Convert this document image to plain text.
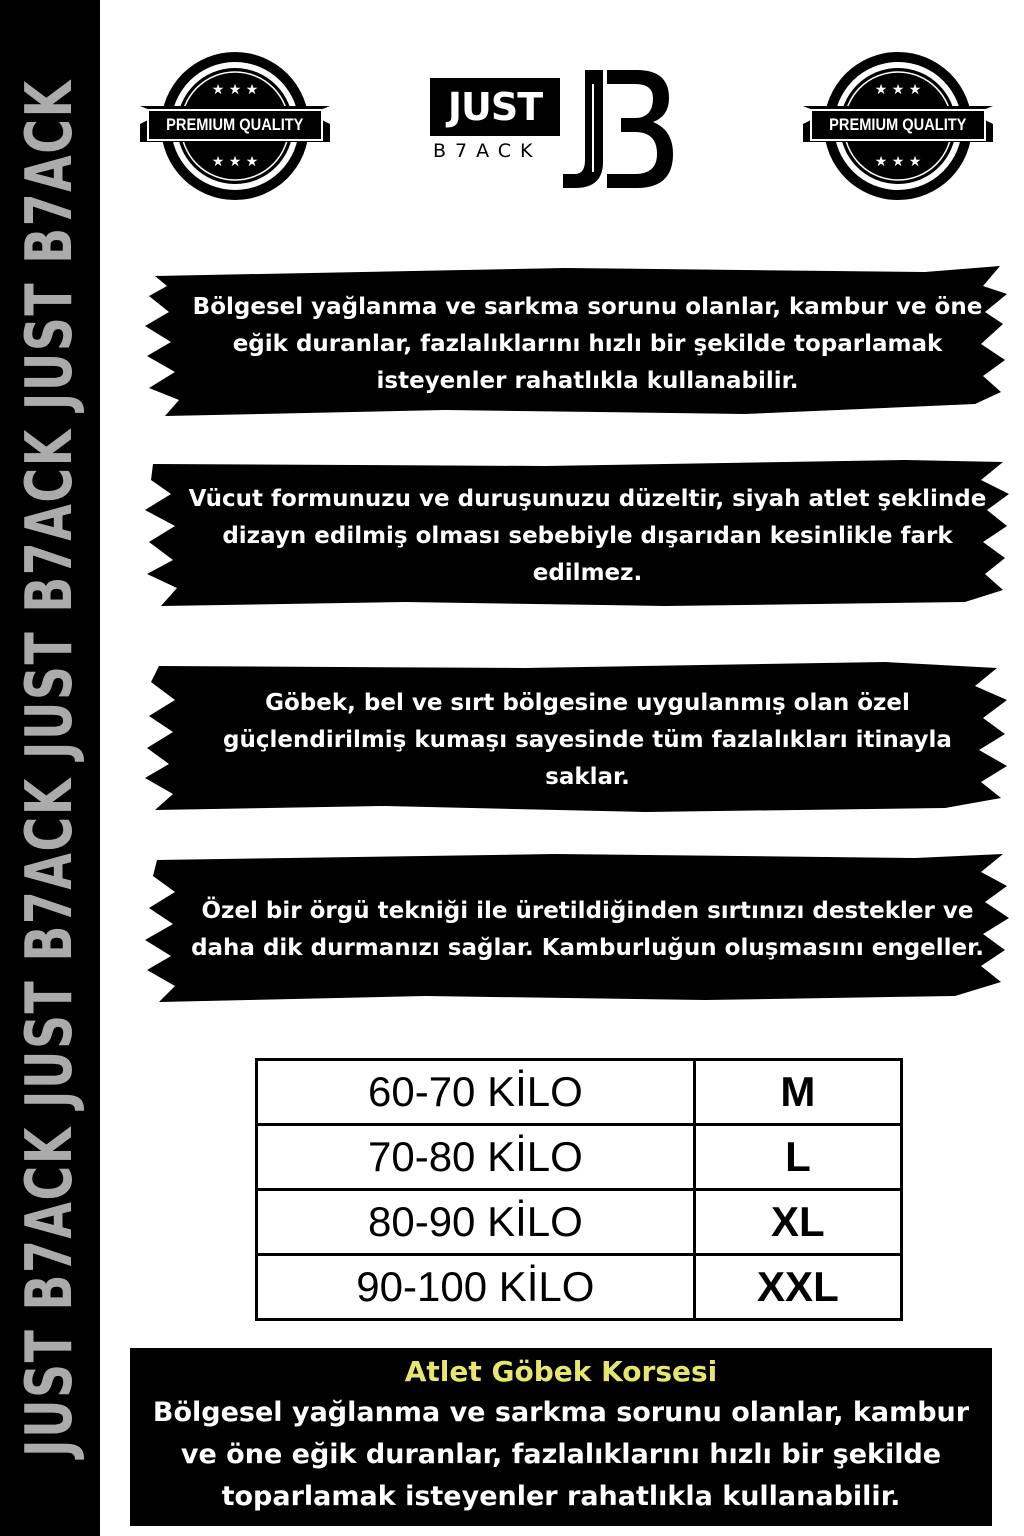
JUST B7ACK JUST B7ACK JUST B7ACK JUST B7ACK	★ ★ ★
★ ★ ★
PREMIUM QUALITY
★ ★ ★
★ ★ ★
PREMIUM QUALITY
JUST
B7ACK
Bölgesel yağlanma ve sarkma sorunu olanlar, kambur ve öne eğik duranlar, fazlalıklarını hızlı bir şekilde toparlamak isteyenler rahatlıkla kullanabilir.
Vücut formunuzu ve duruşunuzu düzeltir, siyah atlet şeklinde dizayn edilmiş olması sebebiyle dışarıdan kesinlikle fark edilmez.
Göbek, bel ve sırt bölgesine uygulanmış olan özel güçlendirilmiş kumaşı sayesinde tüm fazlalıkları itinayla saklar.
Özel bir örgü tekniği ile üretildiğinden sırtınızı destekler ve daha dik durmanızı sağlar. Kamburluğun oluşmasını engeller.
60-70 KİLO	M
70-80 KİLO	L
80-90 KİLO	XL
90-100 KİLO	XXL
Atlet Göbek Korsesi
Bölgesel yağlanma ve sarkma sorunu olanlar, kambur ve öne eğik duranlar, fazlalıklarını hızlı bir şekilde toparlamak isteyenler rahatlıkla kullanabilir.
